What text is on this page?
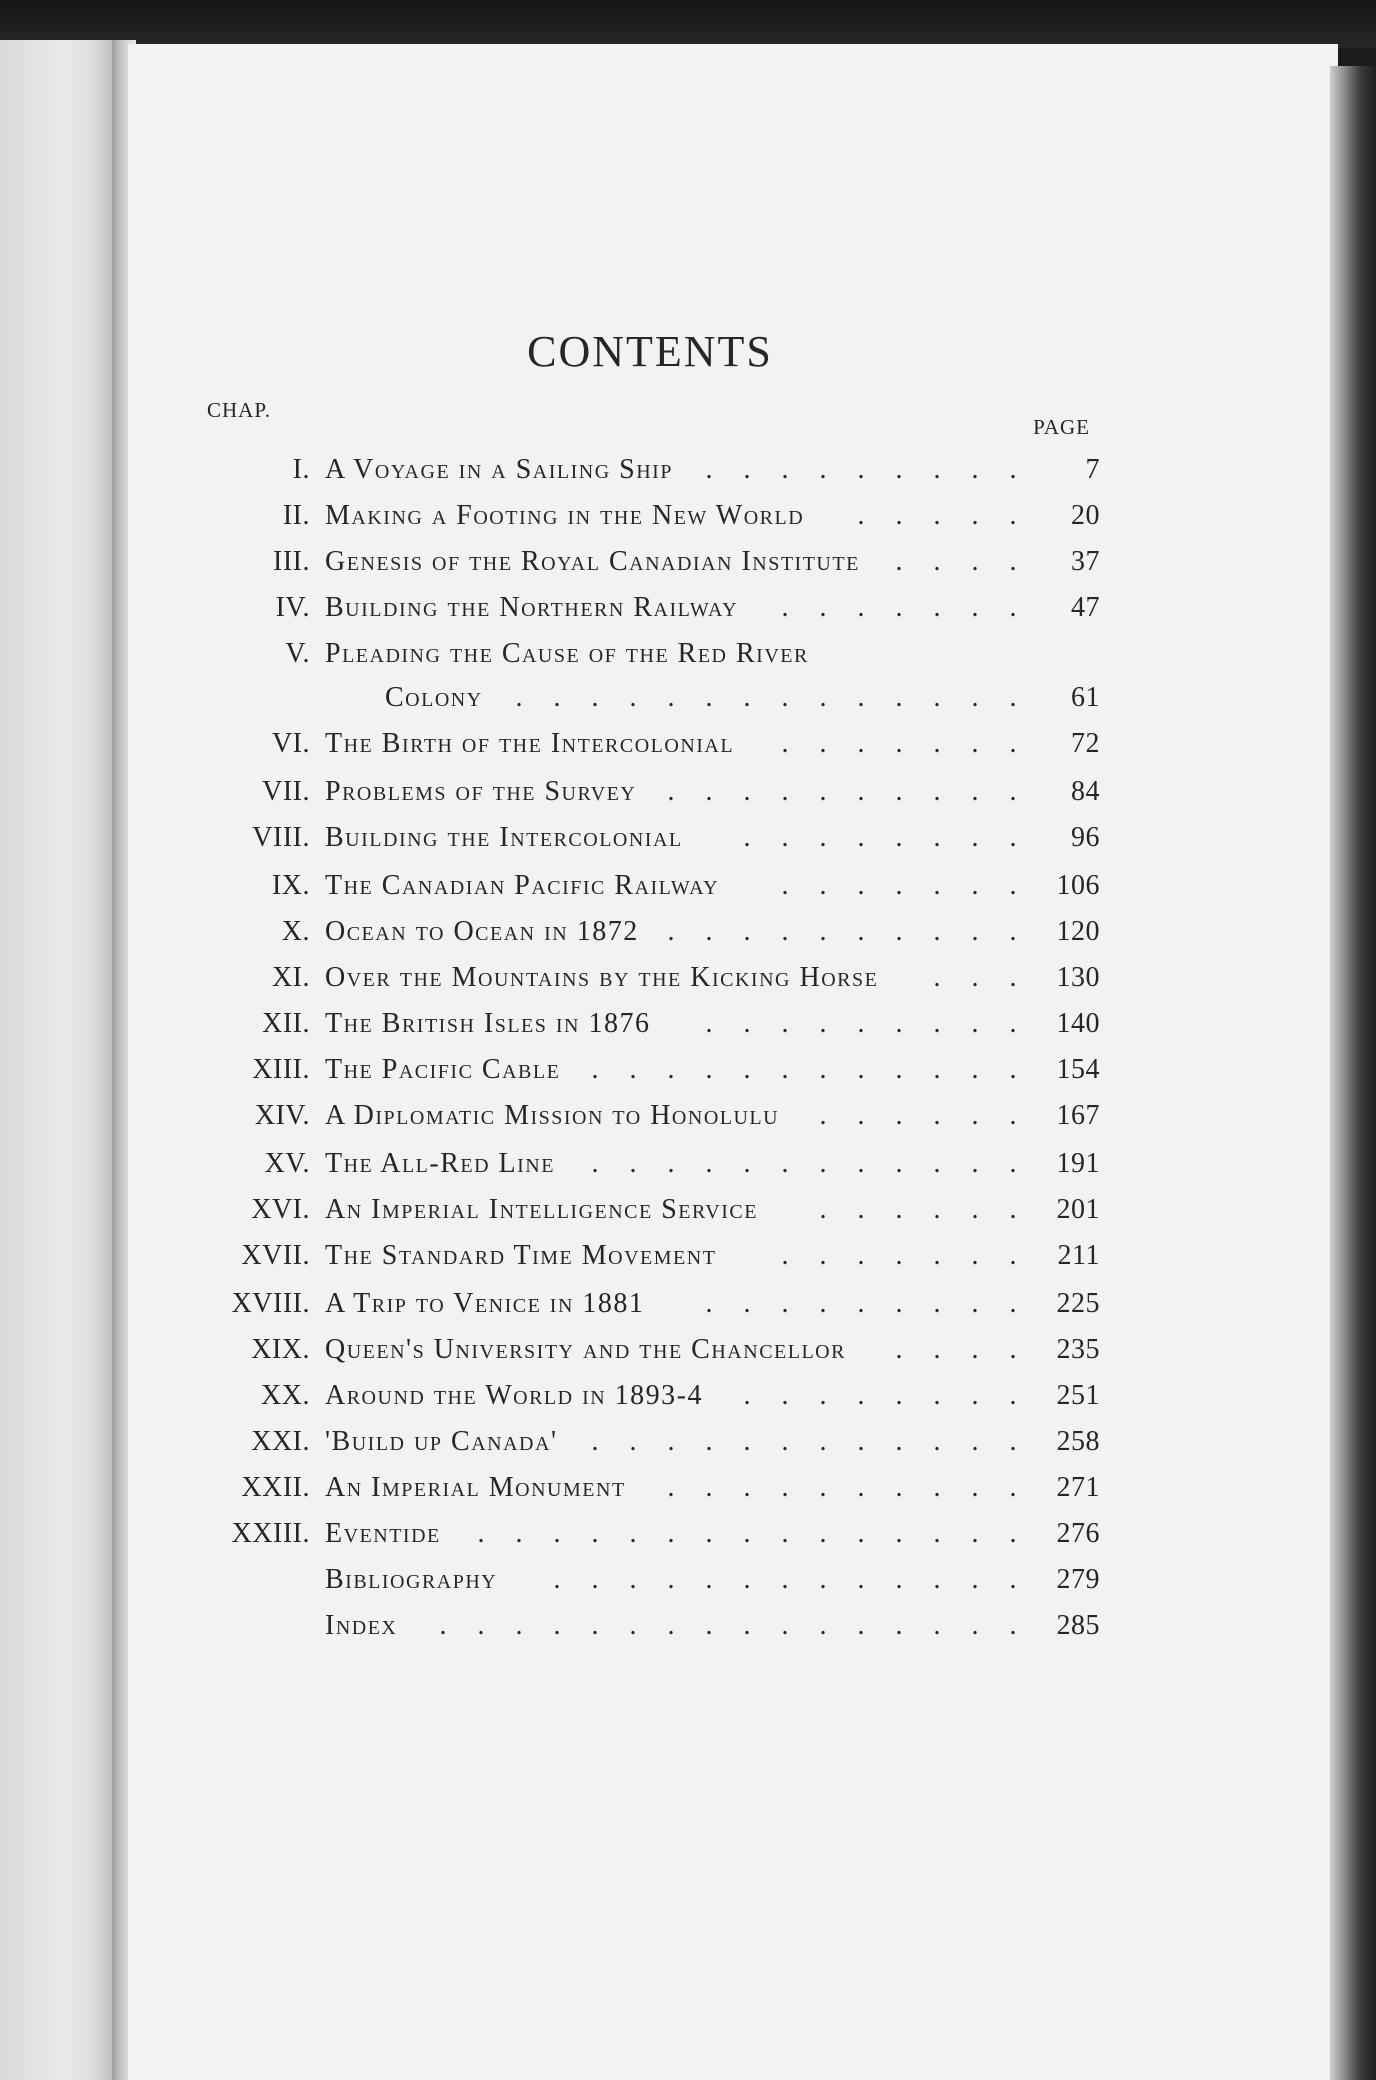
CONTENTS
CHAP.
PAGE
I. A Voyage in a Sailing Ship . . . . . . . . .	7
II. Making a Footing in the New World . . . . .	20
III. Genesis of the Royal Canadian Institute . . . .	37
IV. Building the Northern Railway . . . . . . .	47
V. Pleading the Cause of the Red River
Colony . . . . . . . . . . . . . .	61
VI. The Birth of the Intercolonial . . . . . . .	72
VII. Problems of the Survey . . . . . . . . . .	84
VIII. Building the Intercolonial . . . . . . . .	96
IX. The Canadian Pacific Railway . . . . . . .	106
X. Ocean to Ocean in 1872 . . . . . . . . . .	120
XI. Over the Mountains by the Kicking Horse . . .	130
XII. The British Isles in 1876 . . . . . . . . .	140
XIII. The Pacific Cable . . . . . . . . . . . .	154
XIV. A Diplomatic Mission to Honolulu . . . . . .	167
XV. The All-Red Line . . . . . . . . . . . .	191
XVI. An Imperial Intelligence Service . . . . . .	201
XVII. The Standard Time Movement . . . . . . .	211
XVIII. A Trip to Venice in 1881 . . . . . . . . .	225
XIX. Queen's University and the Chancellor . . . .	235
XX. Around the World in 1893-4 . . . . . . . .	251
XXI. 'Build up Canada' . . . . . . . . . . . .	258
XXII. An Imperial Monument . . . . . . . . . .	271
XXIII. Eventide . . . . . . . . . . . . . . .	276
Bibliography . . . . . . . . . . . . .	279
Index . . . . . . . . . . . . . . . .	285
